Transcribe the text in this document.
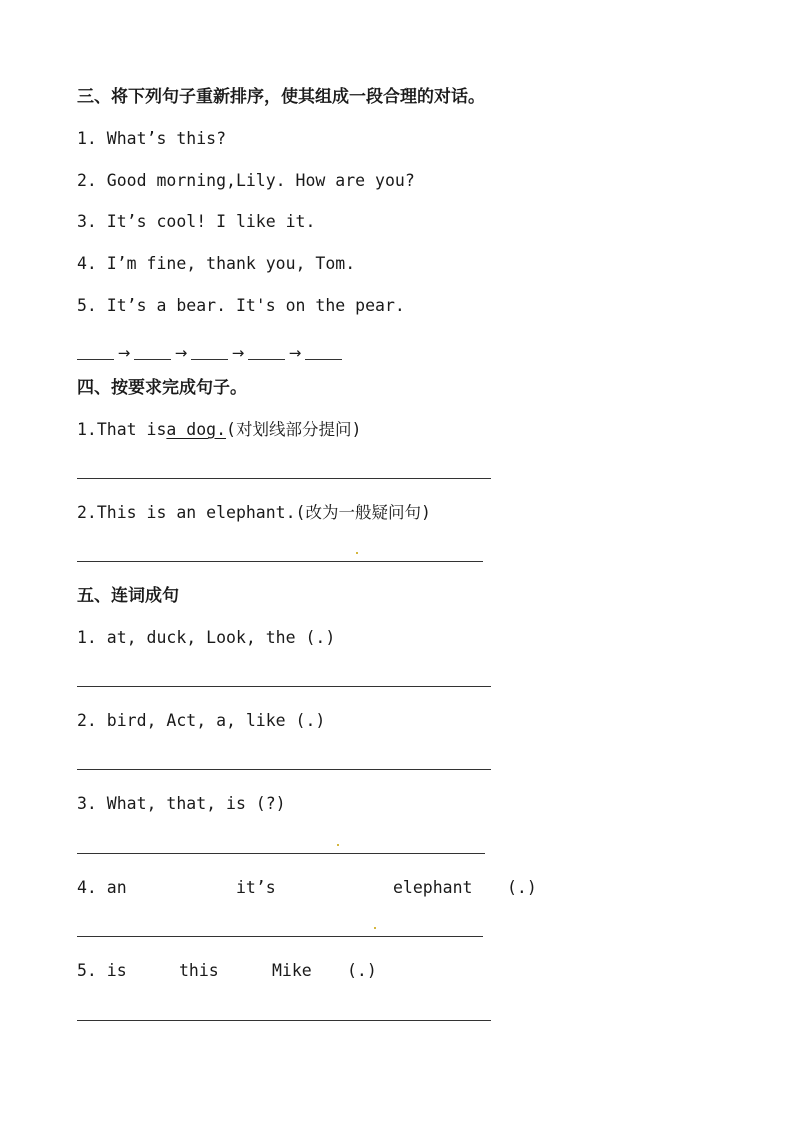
三、将下列句子重新排序，使其组成一段合理的对话。
1. What’s this?
2. Good morning,Lily. How are you?
3. It’s cool! I like it.
4. I’m fine, thank you, Tom.
5. It’s a bear. It's on the pear.
→	→	→	→
四、按要求完成句子。
1.That isa dog.(对划线部分提问)
2.This is an elephant.(改为一般疑问句)
五、连词成句
1. at, duck, Look, the (.)
2. bird, Act, a, like (.)
3. What, that, is (?)
4. an	it’s	elephant (.)
5. is	this	Mike (.)
